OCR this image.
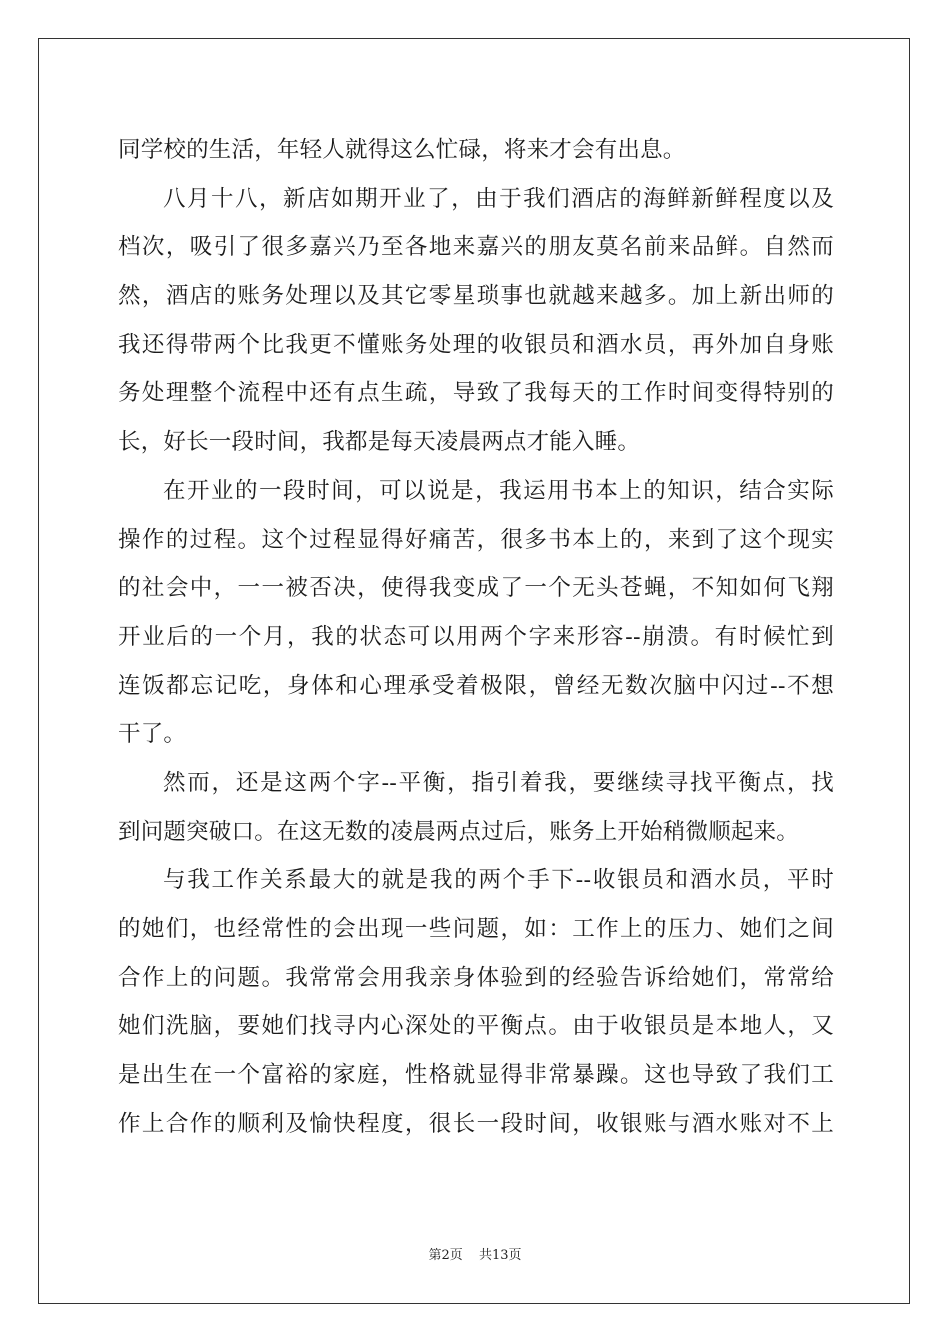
同学校的生活，年轻人就得这么忙碌，将来才会有出息。
八月十八，新店如期开业了，由于我们酒店的海鲜新鲜程度以及
档次，吸引了很多嘉兴乃至各地来嘉兴的朋友莫名前来品鲜。自然而
然，酒店的账务处理以及其它零星琐事也就越来越多。加上新出师的
我还得带两个比我更不懂账务处理的收银员和酒水员，再外加自身账
务处理整个流程中还有点生疏，导致了我每天的工作时间变得特别的
长，好长一段时间，我都是每天凌晨两点才能入睡。
在开业的一段时间，可以说是，我运用书本上的知识，结合实际
操作的过程。这个过程显得好痛苦，很多书本上的，来到了这个现实
的社会中，一一被否决，使得我变成了一个无头苍蝇，不知如何飞翔
开业后的一个月，我的状态可以用两个字来形容--崩溃。有时候忙到
连饭都忘记吃，身体和心理承受着极限，曾经无数次脑中闪过--不想
干了。
然而，还是这两个字--平衡，指引着我，要继续寻找平衡点，找
到问题突破口。在这无数的凌晨两点过后，账务上开始稍微顺起来。
与我工作关系最大的就是我的两个手下--收银员和酒水员，平时
的她们，也经常性的会出现一些问题，如：工作上的压力、她们之间
合作上的问题。我常常会用我亲身体验到的经验告诉给她们，常常给
她们洗脑，要她们找寻内心深处的平衡点。由于收银员是本地人，又
是出生在一个富裕的家庭，性格就显得非常暴躁。这也导致了我们工
作上合作的顺利及愉快程度，很长一段时间，收银账与酒水账对不上
第2页 共13页
